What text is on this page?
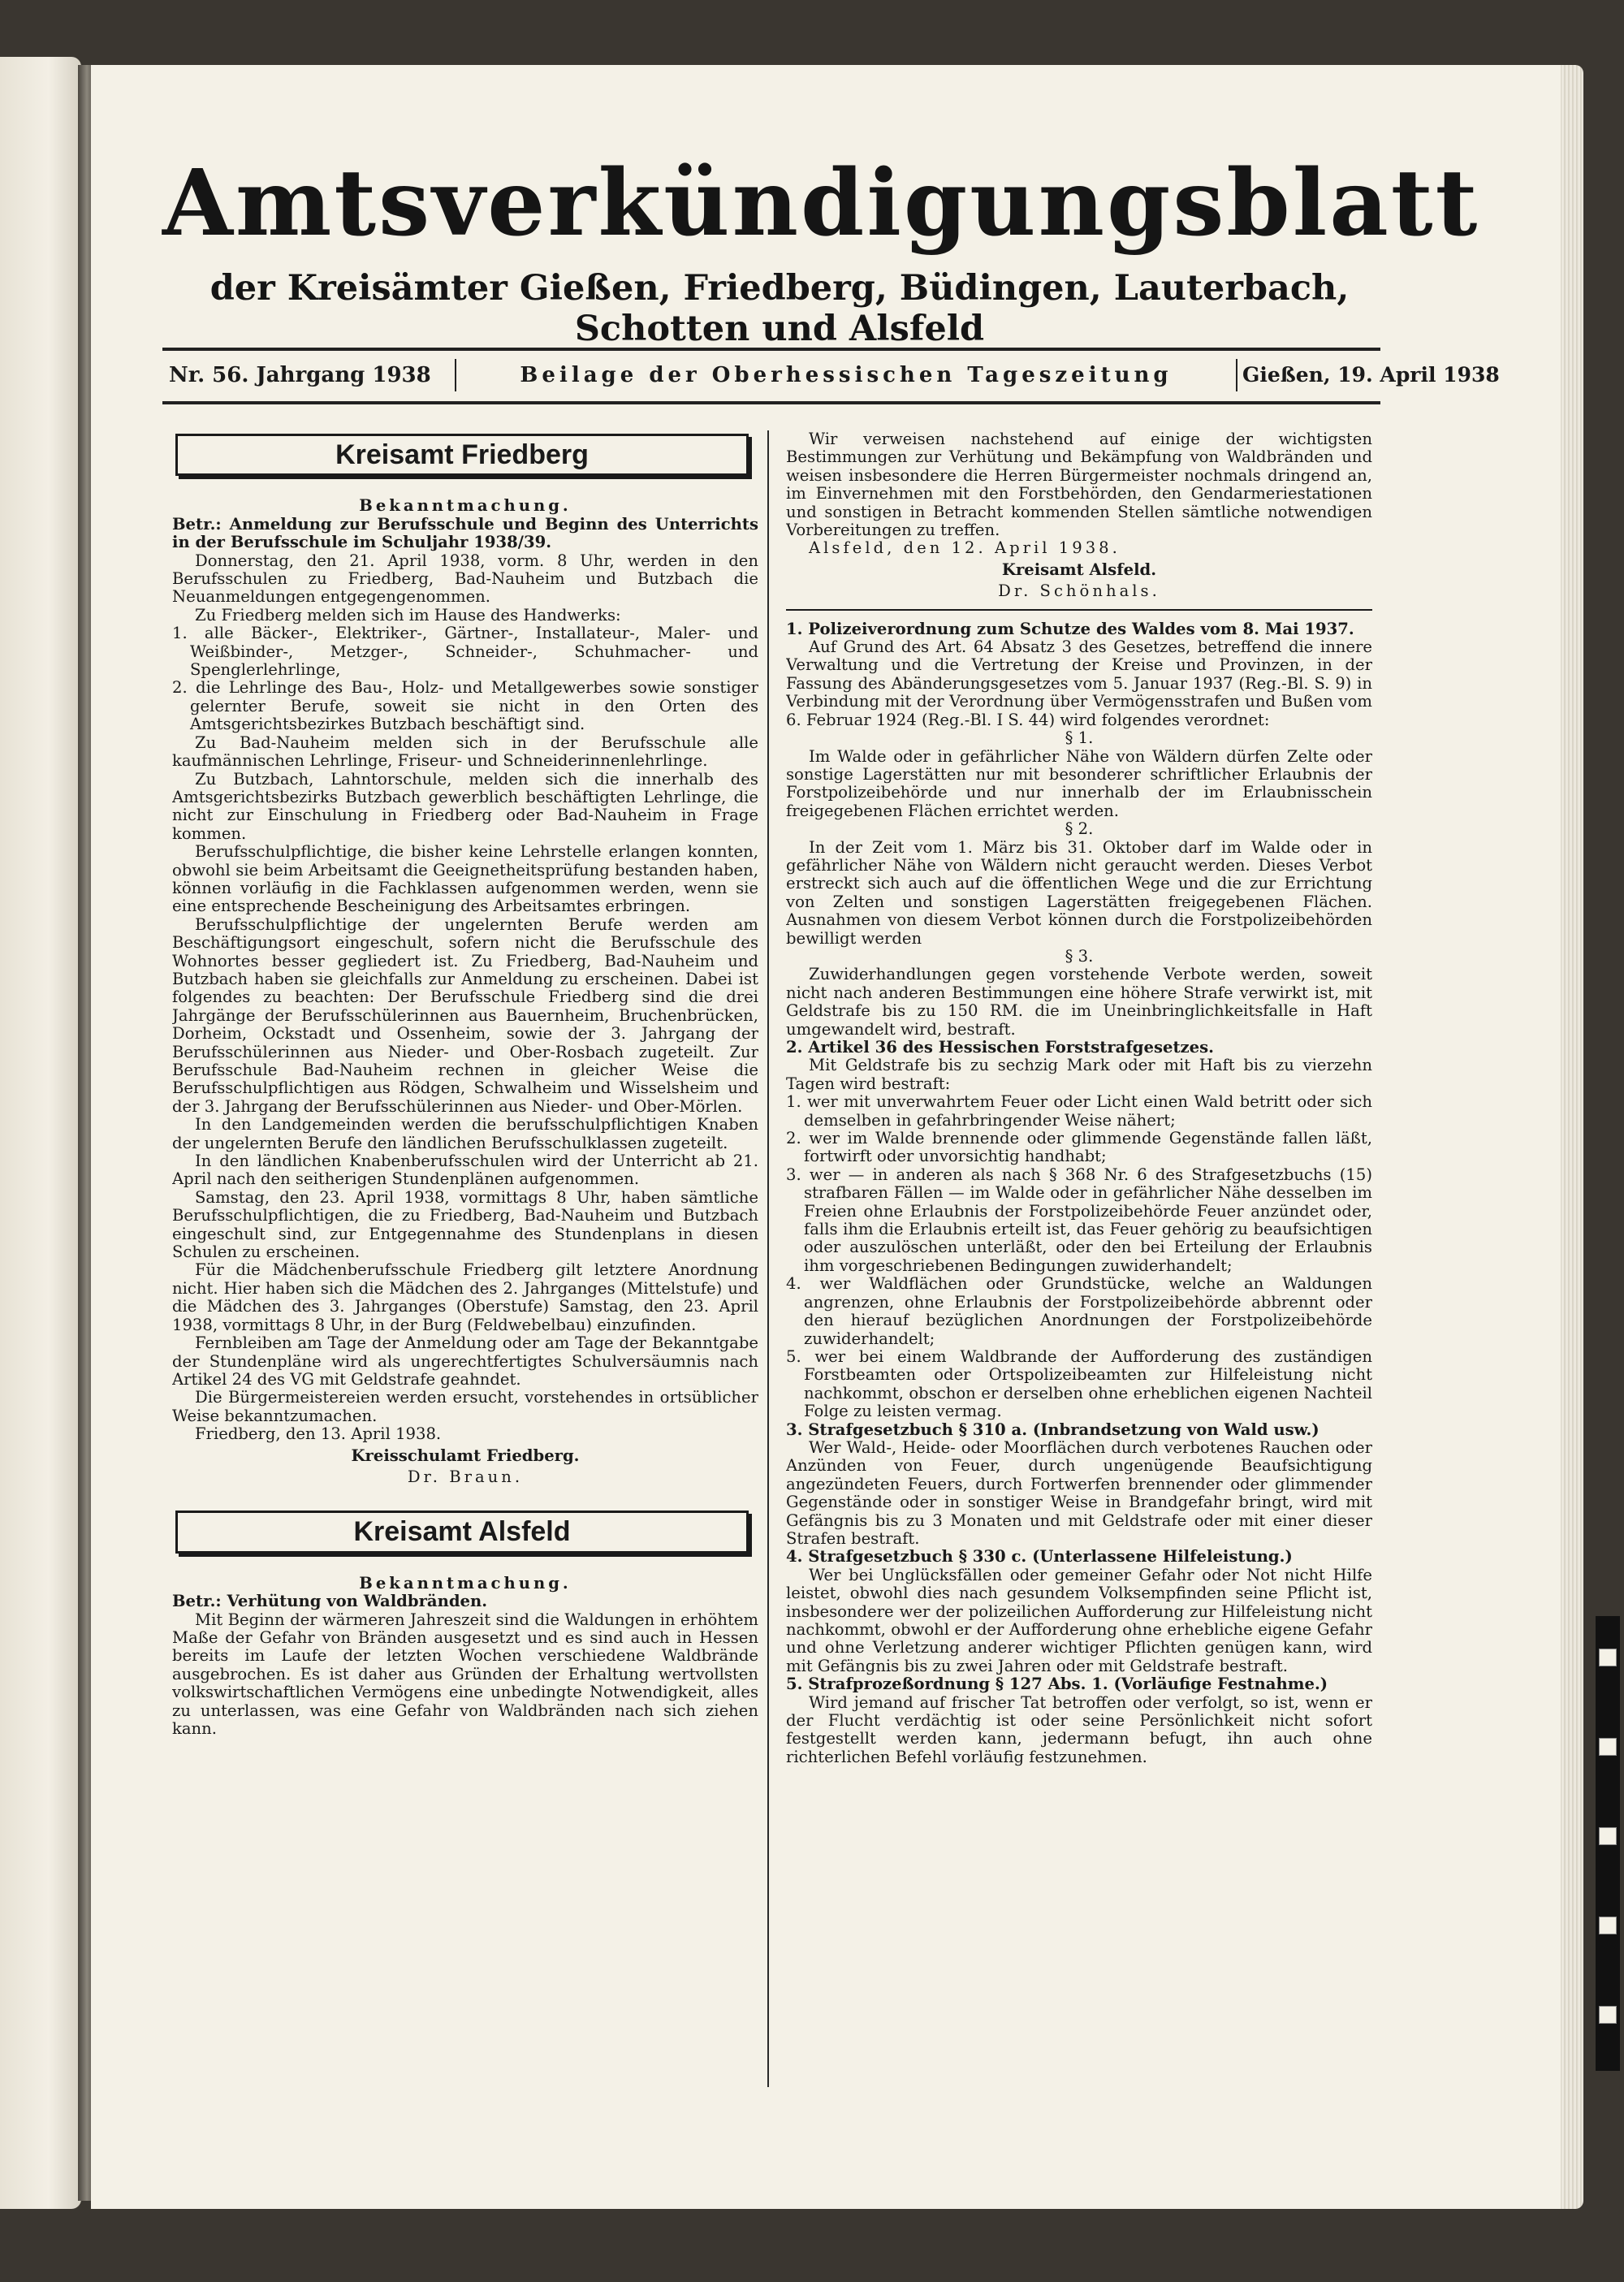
Amtsverkündigungsblatt
der Kreisämter Gießen, Friedberg, Büdingen, Lauterbach, Schotten und Alsfeld
Nr. 56. Jahrgang 1938	Beilage der Oberhessischen Tageszeitung	Gießen, 19. April 1938
Kreisamt Friedberg

Bekanntmachung.

Betr.: Anmeldung zur Berufsschule und Beginn des Unterrichts in der Berufsschule im Schuljahr 1938/39.

Donnerstag, den 21. April 1938, vorm. 8 Uhr, werden in den Berufsschulen zu Friedberg, Bad-Nauheim und Butzbach die Neuanmeldungen entgegengenommen.

Zu Friedberg melden sich im Hause des Handwerks:

1. alle Bäcker-, Elektriker-, Gärtner-, Installateur-, Maler- und Weißbinder-, Metzger-, Schneider-, Schuhmacher- und Spenglerlehrlinge,

2. die Lehrlinge des Bau-, Holz- und Metallgewerbes sowie sonstiger gelernter Berufe, soweit sie nicht in den Orten des Amtsgerichtsbezirkes Butzbach beschäftigt sind.

Zu Bad-Nauheim melden sich in der Berufsschule alle kaufmännischen Lehrlinge, Friseur- und Schneiderinnenlehrlinge.

Zu Butzbach, Lahntorschule, melden sich die innerhalb des Amtsgerichtsbezirks Butzbach gewerblich beschäftigten Lehrlinge, die nicht zur Einschulung in Friedberg oder Bad-Nauheim in Frage kommen.

Berufsschulpflichtige, die bisher keine Lehrstelle erlangen konnten, obwohl sie beim Arbeitsamt die Geeignetheitsprüfung bestanden haben, können vorläufig in die Fachklassen aufgenommen werden, wenn sie eine entsprechende Bescheinigung des Arbeitsamtes erbringen.

Berufsschulpflichtige der ungelernten Berufe werden am Beschäftigungsort eingeschult, sofern nicht die Berufsschule des Wohnortes besser gegliedert ist. Zu Friedberg, Bad-Nauheim und Butzbach haben sie gleichfalls zur Anmeldung zu erscheinen. Dabei ist folgendes zu beachten: Der Berufsschule Friedberg sind die drei Jahrgänge der Berufsschülerinnen aus Bauernheim, Bruchenbrücken, Dorheim, Ockstadt und Ossenheim, sowie der 3. Jahrgang der Berufsschülerinnen aus Nieder- und Ober-Rosbach zugeteilt. Zur Berufsschule Bad-Nauheim rechnen in gleicher Weise die Berufsschulpflichtigen aus Rödgen, Schwalheim und Wisselsheim und der 3. Jahrgang der Berufsschülerinnen aus Nieder- und Ober-Mörlen.

In den Landgemeinden werden die berufsschulpflichtigen Knaben der ungelernten Berufe den ländlichen Berufsschulklassen zugeteilt.

In den ländlichen Knabenberufsschulen wird der Unterricht ab 21. April nach den seitherigen Stundenplänen aufgenommen.

Samstag, den 23. April 1938, vormittags 8 Uhr, haben sämtliche Berufsschulpflichtigen, die zu Friedberg, Bad-Nauheim und Butzbach eingeschult sind, zur Entgegennahme des Stundenplans in diesen Schulen zu erscheinen.

Für die Mädchenberufsschule Friedberg gilt letztere Anordnung nicht. Hier haben sich die Mädchen des 2. Jahrganges (Mittelstufe) und die Mädchen des 3. Jahrganges (Oberstufe) Samstag, den 23. April 1938, vormittags 8 Uhr, in der Burg (Feldwebelbau) einzufinden.

Fernbleiben am Tage der Anmeldung oder am Tage der Bekanntgabe der Stundenpläne wird als ungerechtfertigtes Schulversäumnis nach Artikel 24 des VG mit Geldstrafe geahndet.

Die Bürgermeistereien werden ersucht, vorstehendes in ortsüblicher Weise bekanntzumachen.

Friedberg, den 13. April 1938.

Kreisschulamt Friedberg.

Dr. Braun.

Kreisamt Alsfeld

Bekanntmachung.

Betr.: Verhütung von Waldbränden.

Mit Beginn der wärmeren Jahreszeit sind die Waldungen in erhöhtem Maße der Gefahr von Bränden ausgesetzt und es sind auch in Hessen bereits im Laufe der letzten Wochen verschiedene Waldbrände ausgebrochen. Es ist daher aus Gründen der Erhaltung wertvollsten volkswirtschaftlichen Vermögens eine unbedingte Notwendigkeit, alles zu unterlassen, was eine Gefahr von Waldbränden nach sich ziehen kann.

Wir verweisen nachstehend auf einige der wichtigsten Bestimmungen zur Verhütung und Bekämpfung von Waldbränden und weisen insbesondere die Herren Bürgermeister nochmals dringend an, im Einvernehmen mit den Forstbehörden, den Gendarmeriestationen und sonstigen in Betracht kommenden Stellen sämtliche notwendigen Vorbereitungen zu treffen.

Alsfeld, den 12. April 1938.

Kreisamt Alsfeld.

Dr. Schönhals.

1. Polizeiverordnung zum Schutze des Waldes vom 8. Mai 1937.

Auf Grund des Art. 64 Absatz 3 des Gesetzes, betreffend die innere Verwaltung und die Vertretung der Kreise und Provinzen, in der Fassung des Abänderungsgesetzes vom 5. Januar 1937 (Reg.-Bl. S. 9) in Verbindung mit der Verordnung über Vermögensstrafen und Bußen vom 6. Februar 1924 (Reg.-Bl. I S. 44) wird folgendes verordnet:

§ 1.

Im Walde oder in gefährlicher Nähe von Wäldern dürfen Zelte oder sonstige Lagerstätten nur mit besonderer schriftlicher Erlaubnis der Forstpolizeibehörde und nur innerhalb der im Erlaubnisschein freigegebenen Flächen errichtet werden.

§ 2.

In der Zeit vom 1. März bis 31. Oktober darf im Walde oder in gefährlicher Nähe von Wäldern nicht geraucht werden. Dieses Verbot erstreckt sich auch auf die öffentlichen Wege und die zur Errichtung von Zelten und sonstigen Lagerstätten freigegebenen Flächen. Ausnahmen von diesem Verbot können durch die Forstpolizeibehörden bewilligt werden

§ 3.

Zuwiderhandlungen gegen vorstehende Verbote werden, soweit nicht nach anderen Bestimmungen eine höhere Strafe verwirkt ist, mit Geldstrafe bis zu 150 RM. die im Uneinbringlichkeitsfalle in Haft umgewandelt wird, bestraft.

2. Artikel 36 des Hessischen Forststrafgesetzes.

Mit Geldstrafe bis zu sechzig Mark oder mit Haft bis zu vierzehn Tagen wird bestraft:

1. wer mit unverwahrtem Feuer oder Licht einen Wald betritt oder sich demselben in gefahrbringender Weise nähert;

2. wer im Walde brennende oder glimmende Gegenstände fallen läßt, fortwirft oder unvorsichtig handhabt;

3. wer — in anderen als nach § 368 Nr. 6 des Strafgesetzbuchs (15) strafbaren Fällen — im Walde oder in gefährlicher Nähe desselben im Freien ohne Erlaubnis der Forstpolizeibehörde Feuer anzündet oder, falls ihm die Erlaubnis erteilt ist, das Feuer gehörig zu beaufsichtigen oder auszulöschen unterläßt, oder den bei Erteilung der Erlaubnis ihm vorgeschriebenen Bedingungen zuwiderhandelt;

4. wer Waldflächen oder Grundstücke, welche an Waldungen angrenzen, ohne Erlaubnis der Forstpolizeibehörde abbrennt oder den hierauf bezüglichen Anordnungen der Forstpolizeibehörde zuwiderhandelt;

5. wer bei einem Waldbrande der Aufforderung des zuständigen Forstbeamten oder Ortspolizeibeamten zur Hilfeleistung nicht nachkommt, obschon er derselben ohne erheblichen eigenen Nachteil Folge zu leisten vermag.

3. Strafgesetzbuch § 310 a. (Inbrandsetzung von Wald usw.)

Wer Wald-, Heide- oder Moorflächen durch verbotenes Rauchen oder Anzünden von Feuer, durch ungenügende Beaufsichtigung angezündeten Feuers, durch Fortwerfen brennender oder glimmender Gegenstände oder in sonstiger Weise in Brandgefahr bringt, wird mit Gefängnis bis zu 3 Monaten und mit Geldstrafe oder mit einer dieser Strafen bestraft.

4. Strafgesetzbuch § 330 c. (Unterlassene Hilfeleistung.)

Wer bei Unglücksfällen oder gemeiner Gefahr oder Not nicht Hilfe leistet, obwohl dies nach gesundem Volksempfinden seine Pflicht ist, insbesondere wer der polizeilichen Aufforderung zur Hilfeleistung nicht nachkommt, obwohl er der Aufforderung ohne erhebliche eigene Gefahr und ohne Verletzung anderer wichtiger Pflichten genügen kann, wird mit Gefängnis bis zu zwei Jahren oder mit Geldstrafe bestraft.

5. Strafprozeßordnung § 127 Abs. 1. (Vorläufige Festnahme.)

Wird jemand auf frischer Tat betroffen oder verfolgt, so ist, wenn er der Flucht verdächtig ist oder seine Persönlichkeit nicht sofort festgestellt werden kann, jedermann befugt, ihn auch ohne richterlichen Befehl vorläufig festzunehmen.
